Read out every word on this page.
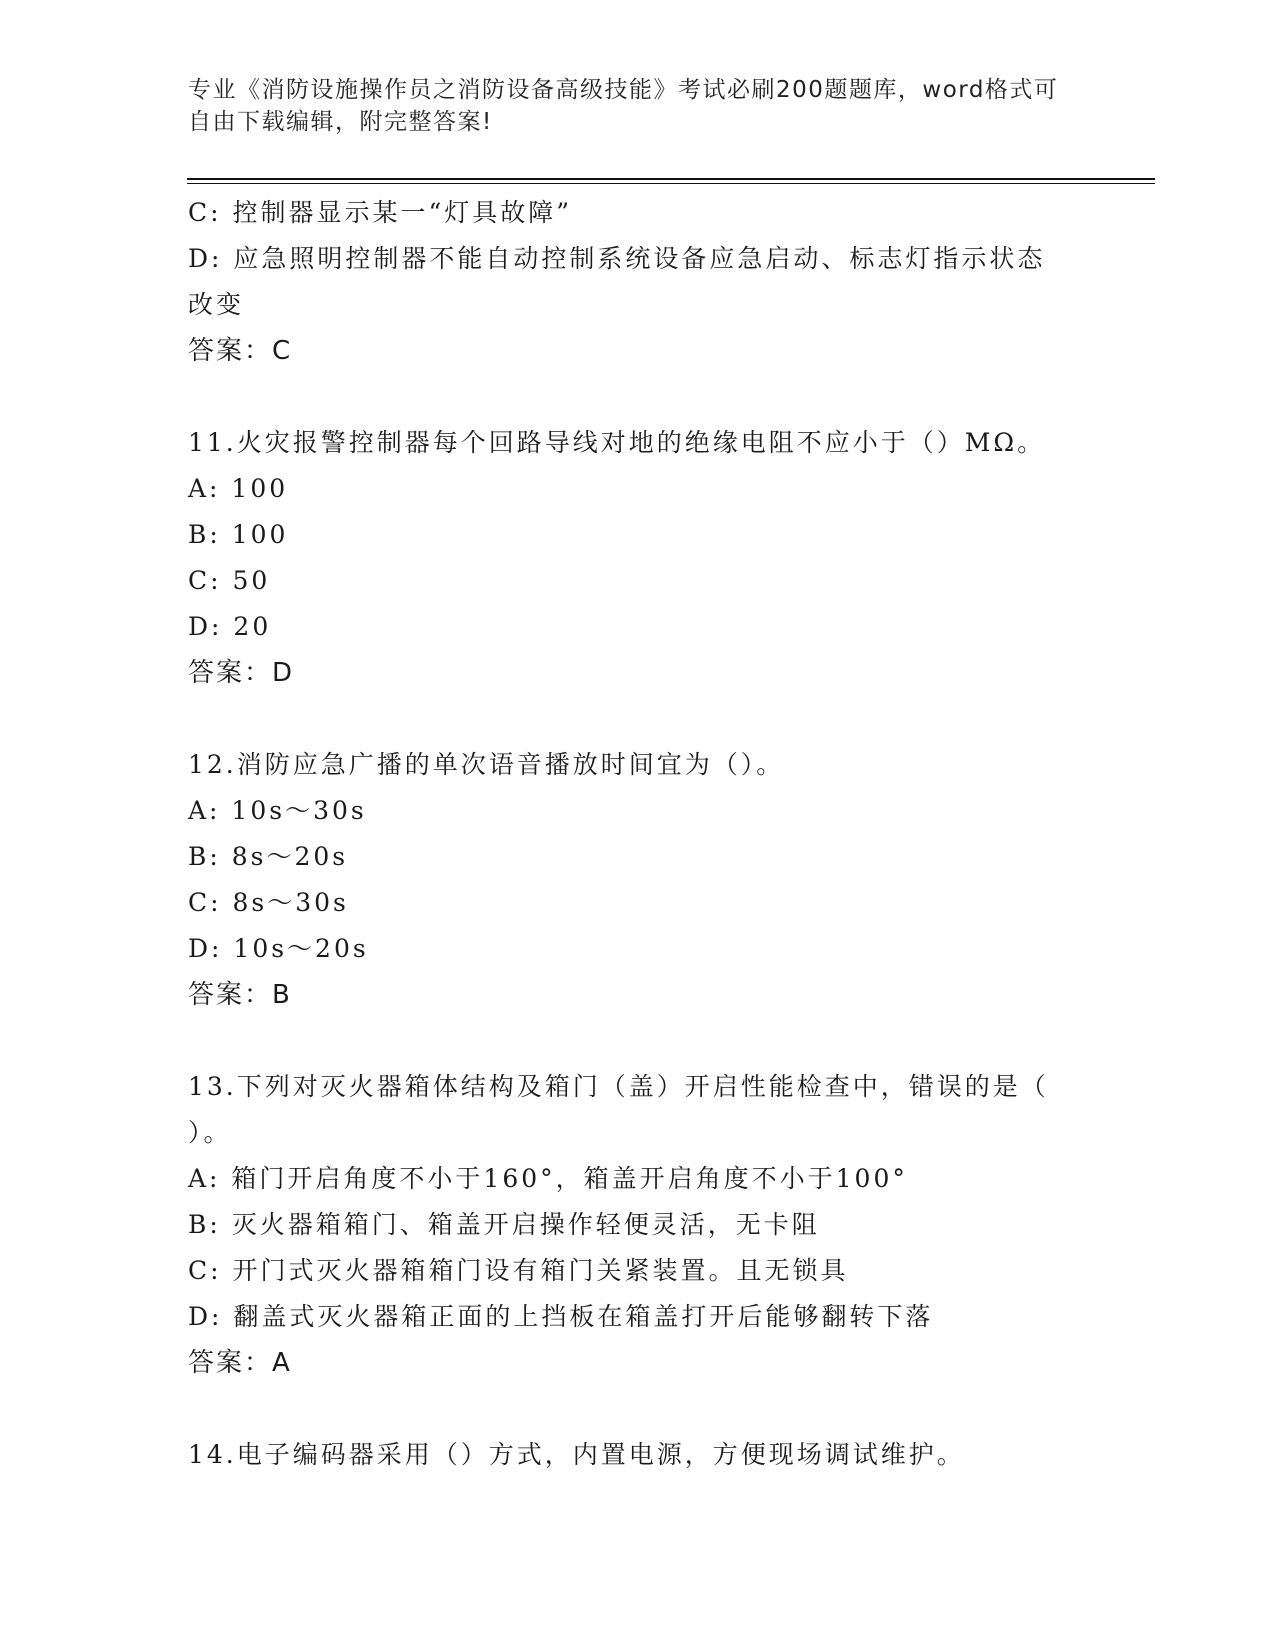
专业《消防设施操作员之消防设备高级技能》考试必刷200题题库，word格式可
自由下载编辑，附完整答案!
C: 控制器显示某一“灯具故障”
D: 应急照明控制器不能自动控制系统设备应急启动、标志灯指示状态
改变
答案：C
11.火灾报警控制器每个回路导线对地的绝缘电阻不应小于（）MΩ。
A: 100
B: 100
C: 50
D: 20
答案：D
12.消防应急广播的单次语音播放时间宜为（）。
A: 10s～30s
B: 8s～20s
C: 8s～30s
D: 10s～20s
答案：B
13.下列对灭火器箱体结构及箱门（盖）开启性能检查中，错误的是（
）。
A: 箱门开启角度不小于160°，箱盖开启角度不小于100°
B: 灭火器箱箱门、箱盖开启操作轻便灵活，无卡阻
C: 开门式灭火器箱箱门设有箱门关紧装置。且无锁具
D: 翻盖式灭火器箱正面的上挡板在箱盖打开后能够翻转下落
答案：A
14.电子编码器采用（）方式，内置电源，方便现场调试维护。
